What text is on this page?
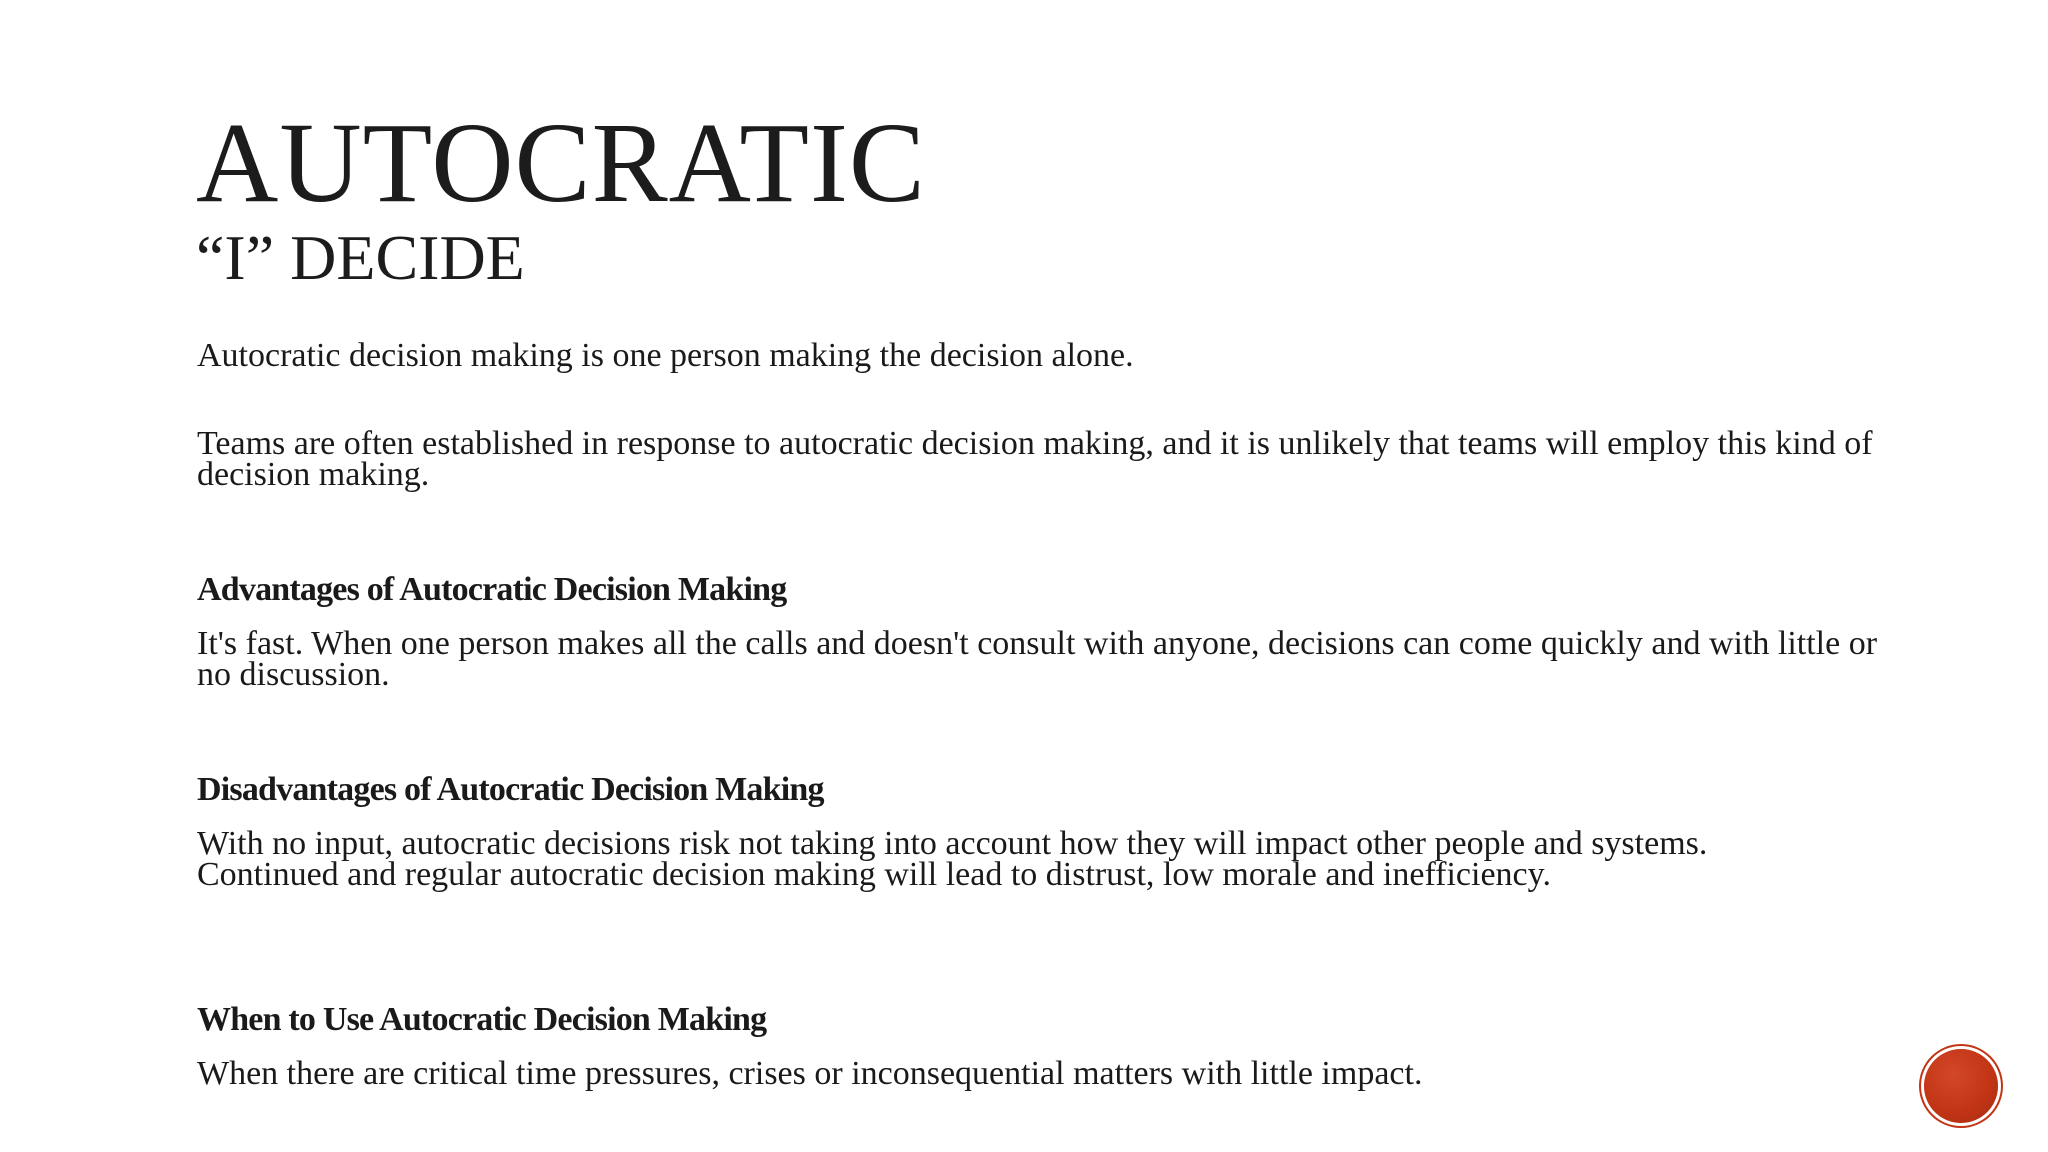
AUTOCRATIC
“I” DECIDE

Autocratic decision making is one person making the decision alone.

Teams are often established in response to autocratic decision making, and it is unlikely that teams will employ this kind of decision making.

Advantages of Autocratic Decision Making

It's fast. When one person makes all the calls and doesn't consult with anyone, decisions can come quickly and with little or no discussion.

Disadvantages of Autocratic Decision Making

With no input, autocratic decisions risk not taking into account how they will impact other people and systems. Continued and regular autocratic decision making will lead to distrust, low morale and inefficiency.

When to Use Autocratic Decision Making

When there are critical time pressures, crises or inconsequential matters with little impact.
